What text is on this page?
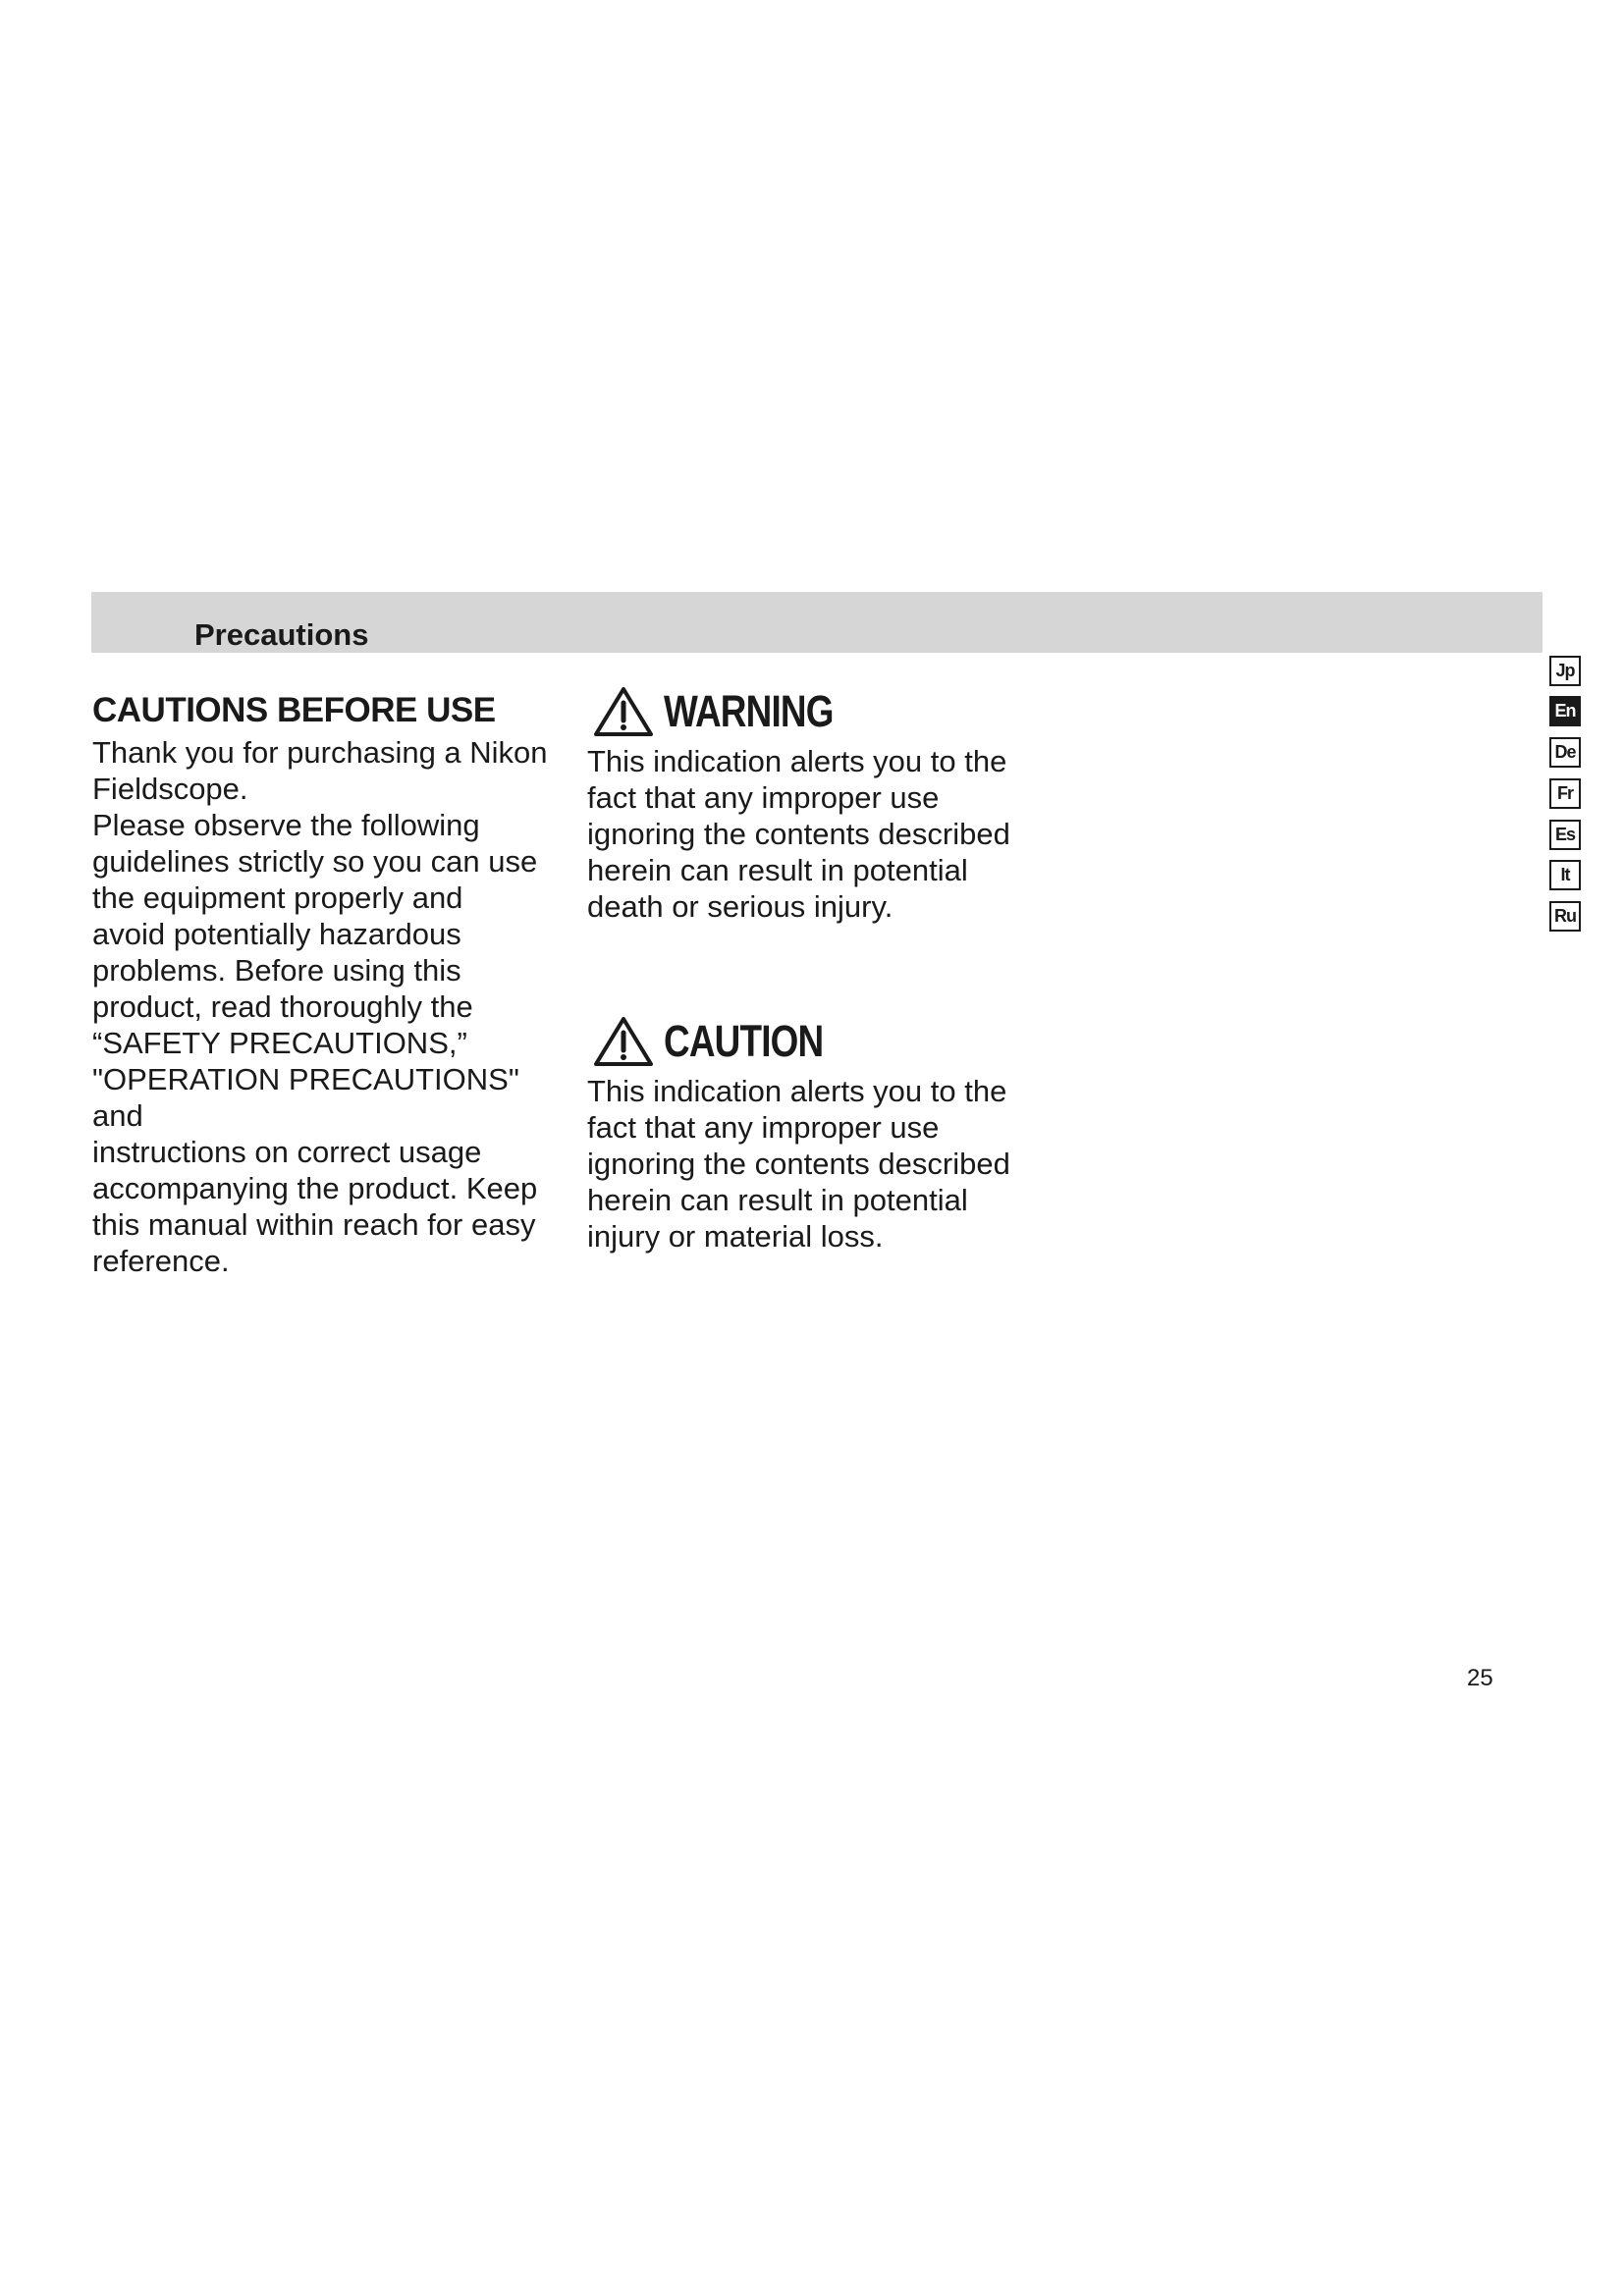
Precautions
CAUTIONS BEFORE USE

Thank you for purchasing a Nikon

Fieldscope.

Please observe the following

guidelines strictly so you can use

the equipment properly and

avoid potentially hazardous

problems. Before using this

product, read thoroughly the

“SAFETY PRECAUTIONS,”

"OPERATION PRECAUTIONS" and

instructions on correct usage

accompanying the product. Keep

this manual within reach for easy

reference.

WARNING

This indication alerts you to the

fact that any improper use

ignoring the contents described

herein can result in potential

death or serious injury.

CAUTION

This indication alerts you to the

fact that any improper use

ignoring the contents described

herein can result in potential

injury or material loss.

Jp
En
De
Fr
Es
It
Ru
25
